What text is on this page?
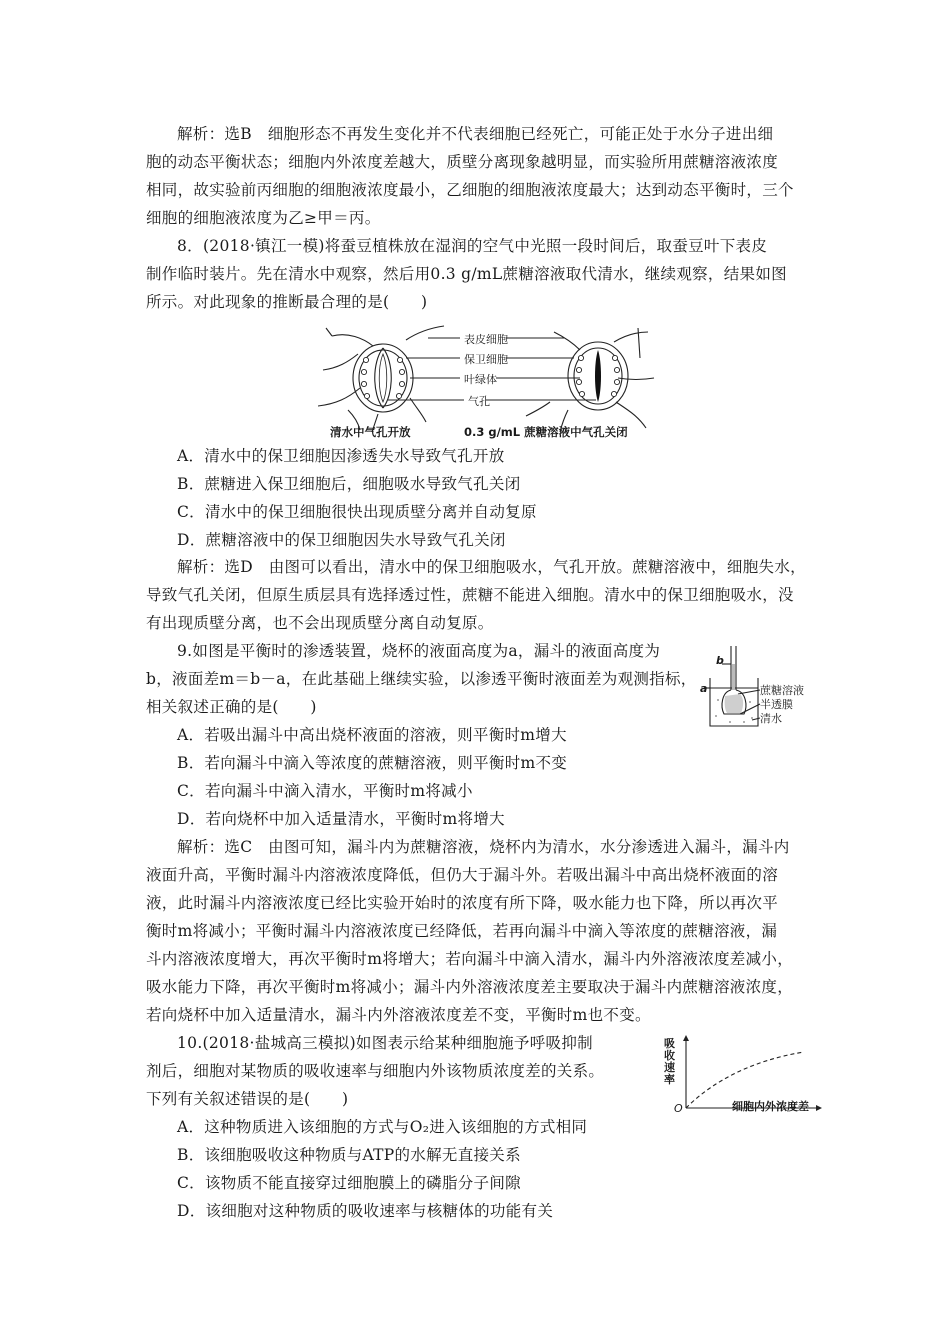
解析：选B　细胞形态不再发生变化并不代表细胞已经死亡，可能正处于水分子进出细
胞的动态平衡状态；细胞内外浓度差越大，质壁分离现象越明显，而实验所用蔗糖溶液浓度
相同，故实验前丙细胞的细胞液浓度最小，乙细胞的细胞液浓度最大；达到动态平衡时，三个
细胞的细胞液浓度为乙≥甲＝丙。
8．(2018·镇江一模)将蚕豆植株放在湿润的空气中光照一段时间后，取蚕豆叶下表皮
制作临时装片。先在清水中观察，然后用0.3 g/mL蔗糖溶液取代清水，继续观察，结果如图
所示。对此现象的推断最合理的是(　　)
表皮细胞
保卫细胞
叶绿体
气孔
清水中气孔开放	0.3 g/mL 蔗糖溶液中气孔关闭
A．清水中的保卫细胞因渗透失水导致气孔开放
B．蔗糖进入保卫细胞后，细胞吸水导致气孔关闭
C．清水中的保卫细胞很快出现质壁分离并自动复原
D．蔗糖溶液中的保卫细胞因失水导致气孔关闭
解析：选D　由图可以看出，清水中的保卫细胞吸水，气孔开放。蔗糖溶液中，细胞失水，
导致气孔关闭，但原生质层具有选择透过性，蔗糖不能进入细胞。清水中的保卫细胞吸水，没
有出现质壁分离，也不会出现质壁分离自动复原。
9.如图是平衡时的渗透装置，烧杯的液面高度为a，漏斗的液面高度为
b，液面差m＝b－a，在此基础上继续实验，以渗透平衡时液面差为观测指标，
相关叙述正确的是(　　)
b
a	蔗糖溶液
半透膜
清水
A．若吸出漏斗中高出烧杯液面的溶液，则平衡时m增大
B．若向漏斗中滴入等浓度的蔗糖溶液，则平衡时m不变
C．若向漏斗中滴入清水，平衡时m将减小
D．若向烧杯中加入适量清水，平衡时m将增大
解析：选C　由图可知，漏斗内为蔗糖溶液，烧杯内为清水，水分渗透进入漏斗，漏斗内
液面升高，平衡时漏斗内溶液浓度降低，但仍大于漏斗外。若吸出漏斗中高出烧杯液面的溶
液，此时漏斗内溶液浓度已经比实验开始时的浓度有所下降，吸水能力也下降，所以再次平
衡时m将减小；平衡时漏斗内溶液浓度已经降低，若再向漏斗中滴入等浓度的蔗糖溶液，漏
斗内溶液浓度增大，再次平衡时m将增大；若向漏斗中滴入清水，漏斗内外溶液浓度差减小，
吸水能力下降，再次平衡时m将减小；漏斗内外溶液浓度差主要取决于漏斗内蔗糖溶液浓度，
若向烧杯中加入适量清水，漏斗内外溶液浓度差不变，平衡时m也不变。
10.(2018·盐城高三模拟)如图表示给某种细胞施予呼吸抑制
剂后，细胞对某物质的吸收速率与细胞内外该物质浓度差的关系。
下列有关叙述错误的是(　　)
吸收速率
O	细胞内外浓度差
A．这种物质进入该细胞的方式与O₂进入该细胞的方式相同
B．该细胞吸收这种物质与ATP的水解无直接关系
C．该物质不能直接穿过细胞膜上的磷脂分子间隙
D．该细胞对这种物质的吸收速率与核糖体的功能有关
